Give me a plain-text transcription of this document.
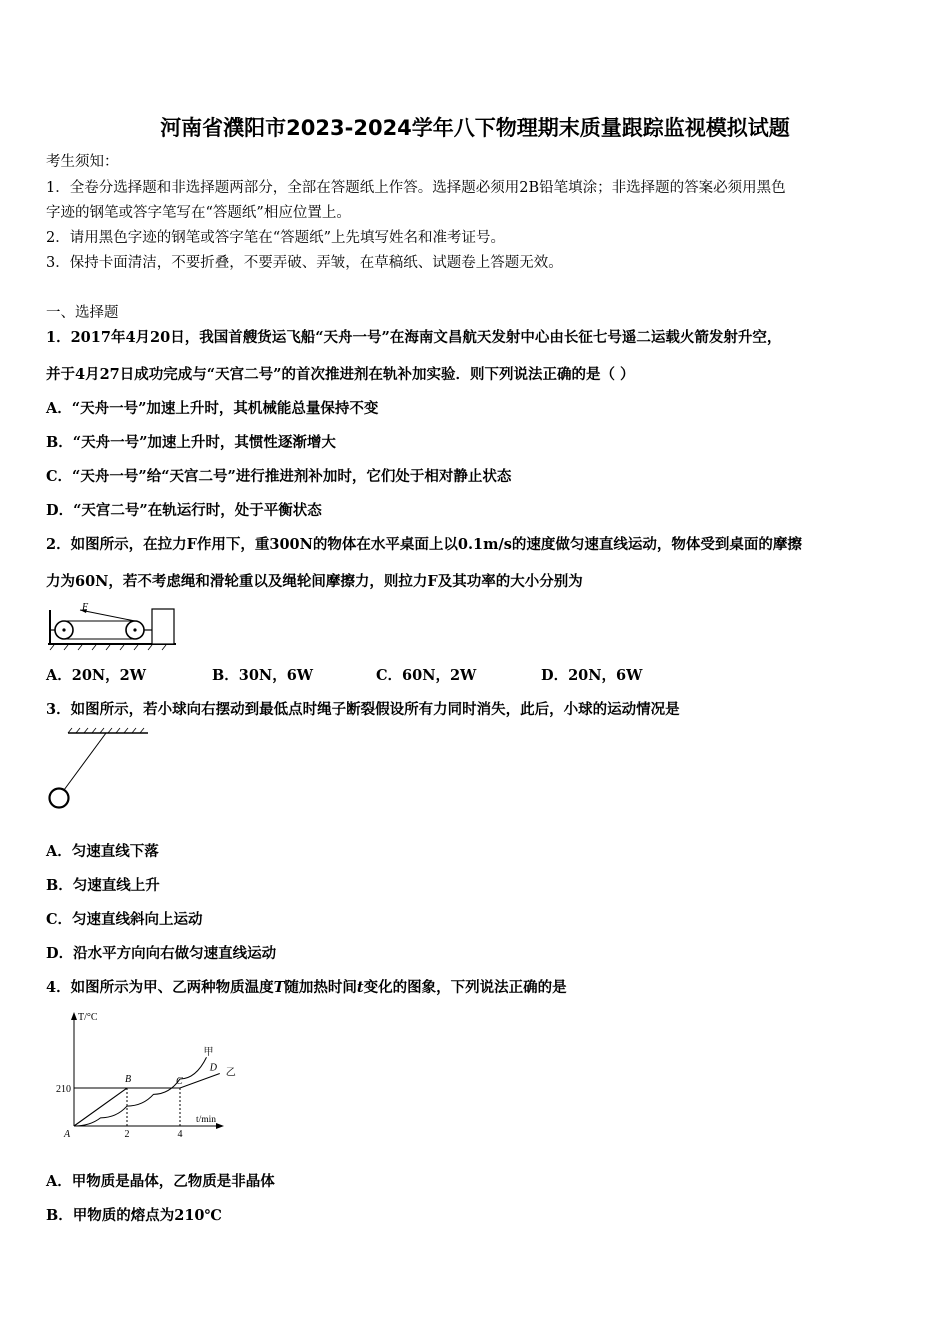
河南省濮阳市2023-2024学年八下物理期末质量跟踪监视模拟试题
考生须知：
1．全卷分选择题和非选择题两部分，全部在答题纸上作答。选择题必须用2B铅笔填涂；非选择题的答案必须用黑色
字迹的钢笔或答字笔写在“答题纸”相应位置上。
2．请用黑色字迹的钢笔或答字笔在“答题纸”上先填写姓名和准考证号。
3．保持卡面清洁，不要折叠，不要弄破、弄皱，在草稿纸、试题卷上答题无效。
一、选择题
1．2017年4月20日，我国首艘货运飞船“天舟一号”在海南文昌航天发射中心由长征七号遥二运载火箭发射升空，
并于4月27日成功完成与“天宫二号”的首次推进剂在轨补加实验．则下列说法正确的是（ ）
A．“天舟一号”加速上升时，其机械能总量保持不变
B．“天舟一号”加速上升时，其惯性逐渐增大
C．“天舟一号”给“天宫二号”进行推进剂补加时，它们处于相对静止状态
D．“天宫二号”在轨运行时，处于平衡状态
2．如图所示，在拉力F作用下，重300N的物体在水平桌面上以0.1m/s的速度做匀速直线运动，物体受到桌面的摩擦
力为60N，若不考虑绳和滑轮重以及绳轮间摩擦力，则拉力F及其功率的大小分别为
F
A．20N，2W	B．30N，6W	C．60N，2W	D．20N，6W
3．如图所示，若小球向右摆动到最低点时绳子断裂假设所有力同时消失，此后，小球的运动情况是
A．匀速直线下落
B．匀速直线上升
C．匀速直线斜向上运动
D．沿水平方向向右做匀速直线运动
4．如图所示为甲、乙两种物质温度T随加热时间t变化的图象，下列说法正确的是
T/°C
t/min
210
2	4
甲
乙
A
B	C
D
A．甲物质是晶体，乙物质是非晶体
B．甲物质的熔点为210℃
